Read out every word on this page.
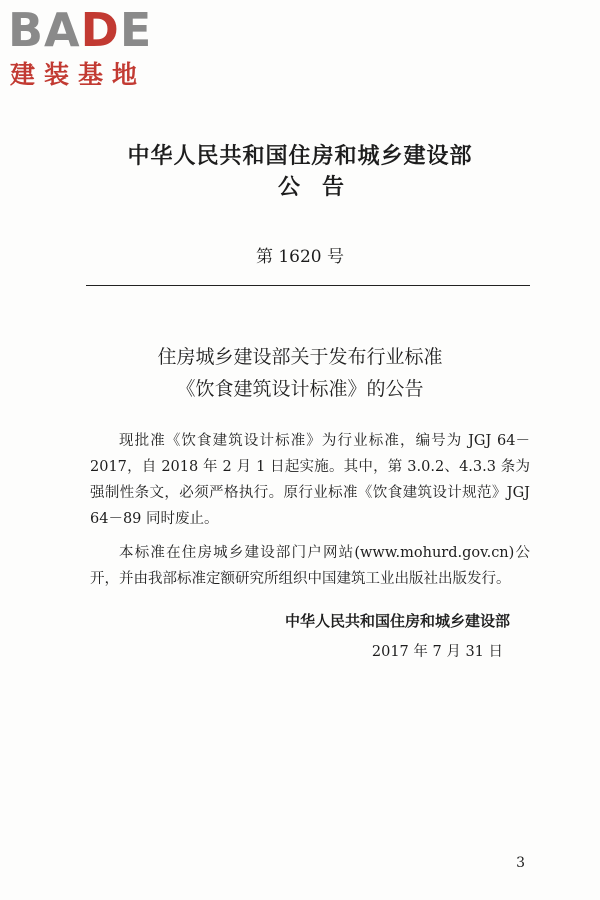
BADE
建装基地
中华人民共和国住房和城乡建设部
公告
第 1620 号
住房城乡建设部关于发布行业标准
《饮食建筑设计标准》的公告

现批准《饮食建筑设计标准》为行业标准，编号为 JGJ 64－2017，自 2018 年 2 月 1 日起实施。其中，第 3.0.2、4.3.3 条为强制性条文，必须严格执行。原行业标准《饮食建筑设计规范》JGJ 64－89 同时废止。

本标准在住房城乡建设部门户网站(www.mohurd.gov.cn)公开，并由我部标准定额研究所组织中国建筑工业出版社出版发行。

中华人民共和国住房和城乡建设部
2017 年 7 月 31 日
3
